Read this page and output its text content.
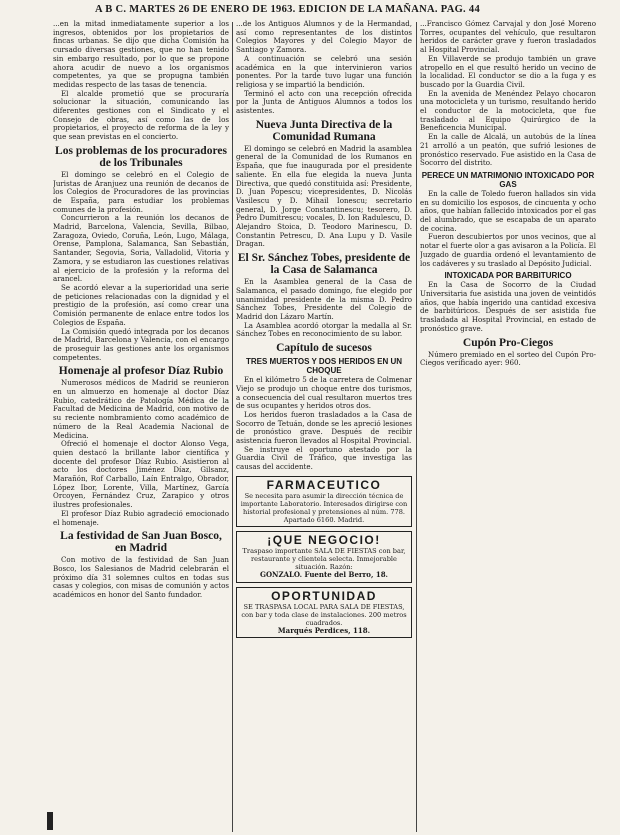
A B C. MARTES 26 DE ENERO DE 1963. EDICION DE LA MAÑANA. PAG. 44

...en la mitad inmediatamente superior a los ingresos, obtenidos por los propietarios de fincas urbanas. Se dijo que dicha Comisión ha cursado diversas gestiones, que no han tenido sin embargo resultado, por lo que se propone ahora acudir de nuevo a los organismos competentes, ya que se propugna también medidas respecto de las tasas de tenencia.

El alcalde prometió que se procuraría solucionar la situación, comunicando las diferentes gestiones con el Sindicato y el Consejo de obras, así como las de los propietarios, el proyecto de reforma de la ley y que sean previstas en el concierto.

Los problemas de los procuradores de los Tribunales

El domingo se celebró en el Colegio de Juristas de Aranjuez una reunión de decanos de los Colegios de Procuradores de las provincias de España, para estudiar los problemas comunes de la profesión.

Concurrieron a la reunión los decanos de Madrid, Barcelona, Valencia, Sevilla, Bilbao, Zaragoza, Oviedo, Coruña, León, Lugo, Málaga, Orense, Pamplona, Salamanca, San Sebastián, Santander, Segovia, Soria, Valladolid, Vitoria y Zamora, y se estudiaron las cuestiones relativas al ejercicio de la profesión y la reforma del arancel.

Se acordó elevar a la superioridad una serie de peticiones relacionadas con la dignidad y el prestigio de la profesión, así como crear una Comisión permanente de enlace entre todos los Colegios de España.

La Comisión quedó integrada por los decanos de Madrid, Barcelona y Valencia, con el encargo de proseguir las gestiones ante los organismos competentes.

Homenaje al profesor Díaz Rubio

Numerosos médicos de Madrid se reunieron en un almuerzo en homenaje al doctor Díaz Rubio, catedrático de Patología Médica de la Facultad de Medicina de Madrid, con motivo de su reciente nombramiento como académico de número de la Real Academia Nacional de Medicina.

Ofreció el homenaje el doctor Alonso Vega, quien destacó la brillante labor científica y docente del profesor Díaz Rubio. Asistieron al acto los doctores Jiménez Díaz, Gilsanz, Marañón, Rof Carballo, Laín Entralgo, Obrador, López Ibor, Lorente, Villa, Martínez, García Orcoyen, Fernández Cruz, Zarapico y otros ilustres profesionales.

El profesor Díaz Rubio agradeció emocionado el homenaje.

La festividad de San Juan Bosco, en Madrid

Con motivo de la festividad de San Juan Bosco, los Salesianos de Madrid celebrarán el próximo día 31 solemnes cultos en todas sus casas y colegios, con misas de comunión y actos académicos en honor del Santo fundador.

...de los Antiguos Alumnos y de la Hermandad, así como representantes de los distintos Colegios Mayores y del Colegio Mayor de Santiago y Zamora.

A continuación se celebró una sesión académica en la que intervinieron varios ponentes. Por la tarde tuvo lugar una función religiosa y se impartió la bendición.

Terminó el acto con una recepción ofrecida por la Junta de Antiguos Alumnos a todos los asistentes.

Nueva Junta Directiva de la Comunidad Rumana

El domingo se celebró en Madrid la asamblea general de la Comunidad de los Rumanos en España, que fue inaugurada por el presidente saliente. En ella fue elegida la nueva Junta Directiva, que quedó constituida así: Presidente, D. Juan Popescu; vicepresidentes, D. Nicolás Vasilescu y D. Mihail Ionescu; secretario general, D. Jorge Constantinescu; tesorero, D. Pedro Dumitrescu; vocales, D. Ion Radulescu, D. Alejandro Stoica, D. Teodoro Marinescu, D. Constantin Petrescu, D. Ana Lupu y D. Vasile Dragan.

El Sr. Sánchez Tobes, presidente de la Casa de Salamanca

En la Asamblea general de la Casa de Salamanca, el pasado domingo, fue elegido por unanimidad presidente de la misma D. Pedro Sánchez Tobes, Presidente del Colegio de Madrid don Lázaro Martín.

La Asamblea acordó otorgar la medalla al Sr. Sánchez Tobes en reconocimiento de su labor.

Capítulo de sucesos
TRES MUERTOS Y DOS HERIDOS EN UN CHOQUE

En el kilómetro 5 de la carretera de Colmenar Viejo se produjo un choque entre dos turismos, a consecuencia del cual resultaron muertos tres de sus ocupantes y heridos otros dos.

Los heridos fueron trasladados a la Casa de Socorro de Tetuán, donde se les apreció lesiones de pronóstico grave. Después de recibir asistencia fueron llevados al Hospital Provincial.

Se instruye el oportuno atestado por la Guardia Civil de Tráfico, que investiga las causas del accidente.

FARMACEUTICO
Se necesita para asumir la dirección técnica de importante Laboratorio. Interesados dirigirse con historial profesional y pretensiones al núm. 778. Apartado 6160. Madrid.
¡QUE NEGOCIO!
Traspaso importante SALA DE FIESTAS con bar, restaurante y clientela selecta. Inmejorable situación. Razón:
GONZALO. Fuente del Berro, 18.
OPORTUNIDAD
SE TRASPASA LOCAL PARA SALA DE FIESTAS, con bar y toda clase de instalaciones. 200 metros cuadrados.
Marqués Perdices, 118.

...Francisco Gómez Carvajal y don José Moreno Torres, ocupantes del vehículo, que resultaron heridos de carácter grave y fueron trasladados al Hospital Provincial.

En Villaverde se produjo también un grave atropello en el que resultó herido un vecino de la localidad. El conductor se dio a la fuga y es buscado por la Guardia Civil.

En la avenida de Menéndez Pelayo chocaron una motocicleta y un turismo, resultando herido el conductor de la motocicleta, que fue trasladado al Equipo Quirúrgico de la Beneficencia Municipal.

En la calle de Alcalá, un autobús de la línea 21 arrolló a un peatón, que sufrió lesiones de pronóstico reservado. Fue asistido en la Casa de Socorro del distrito.

PERECE UN MATRIMONIO INTOXICADO POR GAS

En la calle de Toledo fueron hallados sin vida en su domicilio los esposos, de cincuenta y ocho años, que habían fallecido intoxicados por el gas del alumbrado, que se escapaba de un aparato de cocina.

Fueron descubiertos por unos vecinos, que al notar el fuerte olor a gas avisaron a la Policía. El Juzgado de guardia ordenó el levantamiento de los cadáveres y su traslado al Depósito Judicial.

INTOXICADA POR BARBITURICO

En la Casa de Socorro de la Ciudad Universitaria fue asistida una joven de veintidós años, que había ingerido una cantidad excesiva de barbitúricos. Después de ser asistida fue trasladada al Hospital Provincial, en estado de pronóstico grave.

Cupón Pro-Ciegos

Número premiado en el sorteo del Cupón Pro-Ciegos verificado ayer: 960.
